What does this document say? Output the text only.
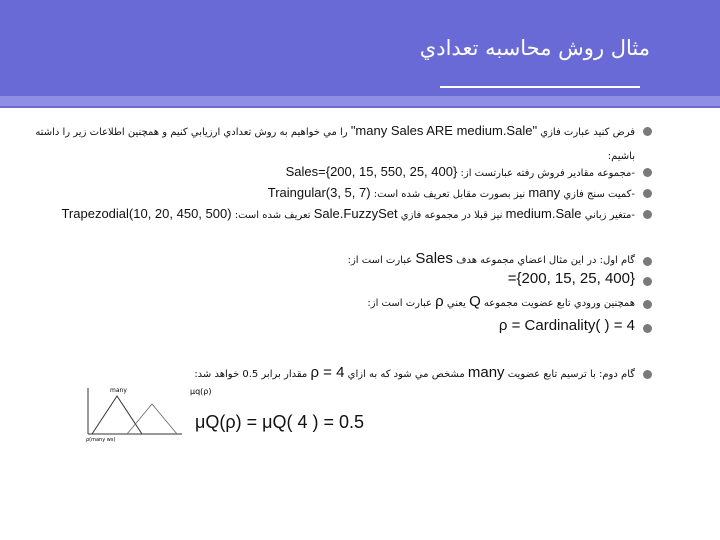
مثال روش محاسبه تعدادي
فرض كنيد عبارت فازي "many Sales ARE medium.Sale" را مي خواهيم به روش تعدادي ارزيابي كنيم و همچنين اطلاعات زير را داشته
باشيم:
-مجموعه مقادير فروش رفته عبارتست از: Sales={200, 15, 550, 25, 400}
-كميت سنج فازي many نيز بصورت مقابل تعريف شده است: Traingular(3, 5, 7)
-متغير زباني medium.Sale نيز قبلا در مجموعه فازي Sale.FuzzySet تعريف شده است: Trapezodial(10, 20, 450, 500)
گام اول: در اين مثال اعضاي مجموعه هدف Sales عبارت است از:
={200, 15, 25, 400}
همچنين ورودي تابع عضويت مجموعه Q يعني ρ عبارت است از:
ρ = Cardinality( ) = 4
گام دوم: با ترسيم تابع عضويت many مشخص مي شود كه به ازاي ρ = 4 مقدار برابر 0.5 خواهد شد:
many	μq(ρ)
ρ(many ws)
μQ(ρ) = μQ( 4 ) = 0.5
